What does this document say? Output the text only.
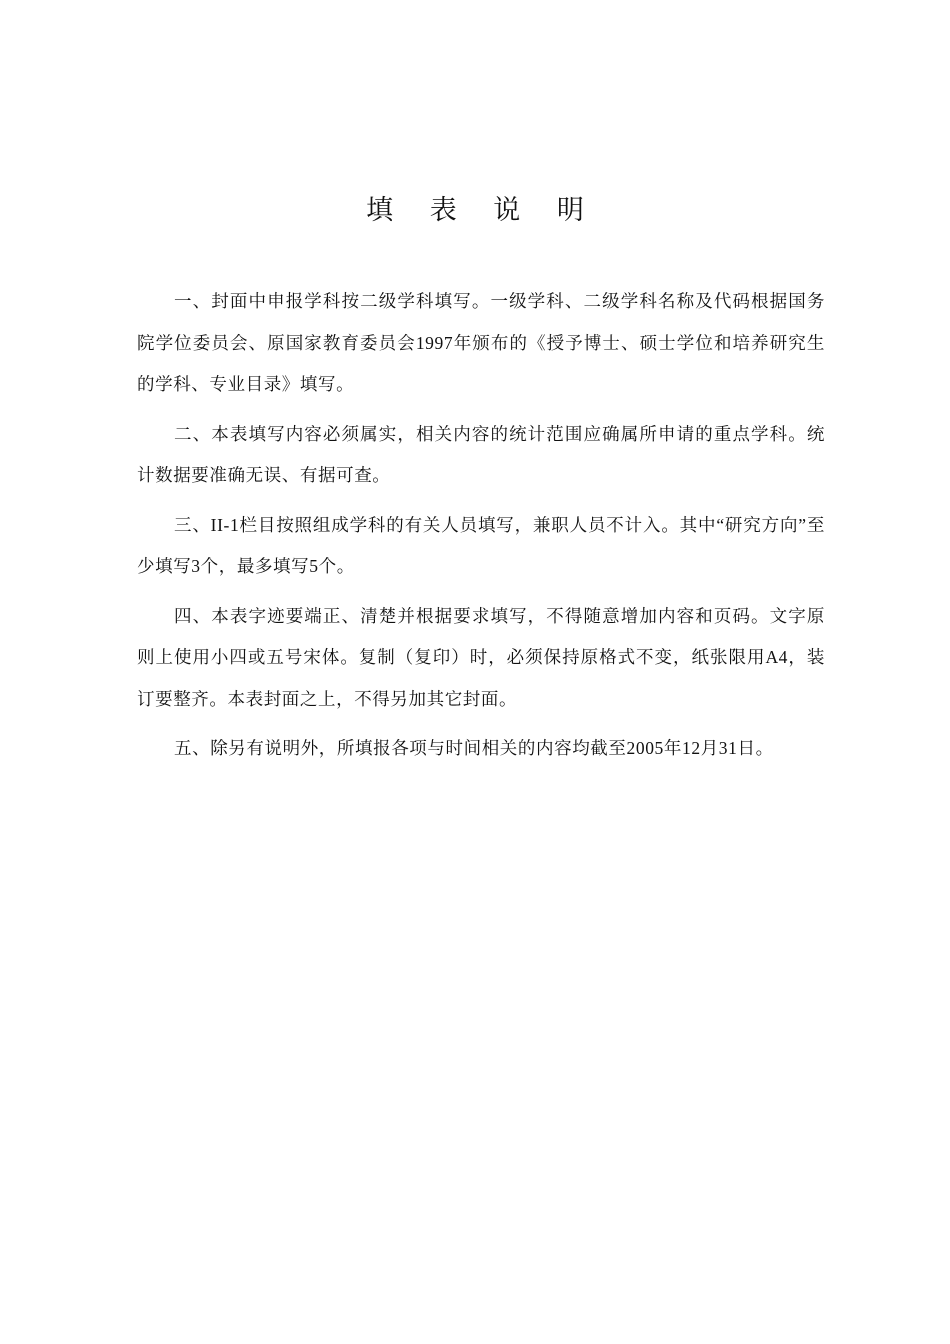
填 表 说 明

一、封面中申报学科按二级学科填写。一级学科、二级学科名称及代码根据国务院学位委员会、原国家教育委员会1997年颁布的《授予博士、硕士学位和培养研究生的学科、专业目录》填写。

二、本表填写内容必须属实，相关内容的统计范围应确属所申请的重点学科。统计数据要准确无误、有据可查。

三、II-1栏目按照组成学科的有关人员填写，兼职人员不计入。其中“研究方向”至少填写3个，最多填写5个。

四、本表字迹要端正、清楚并根据要求填写，不得随意增加内容和页码。文字原则上使用小四或五号宋体。复制（复印）时，必须保持原格式不变，纸张限用A4，装订要整齐。本表封面之上，不得另加其它封面。

五、除另有说明外，所填报各项与时间相关的内容均截至2005年12月31日。
